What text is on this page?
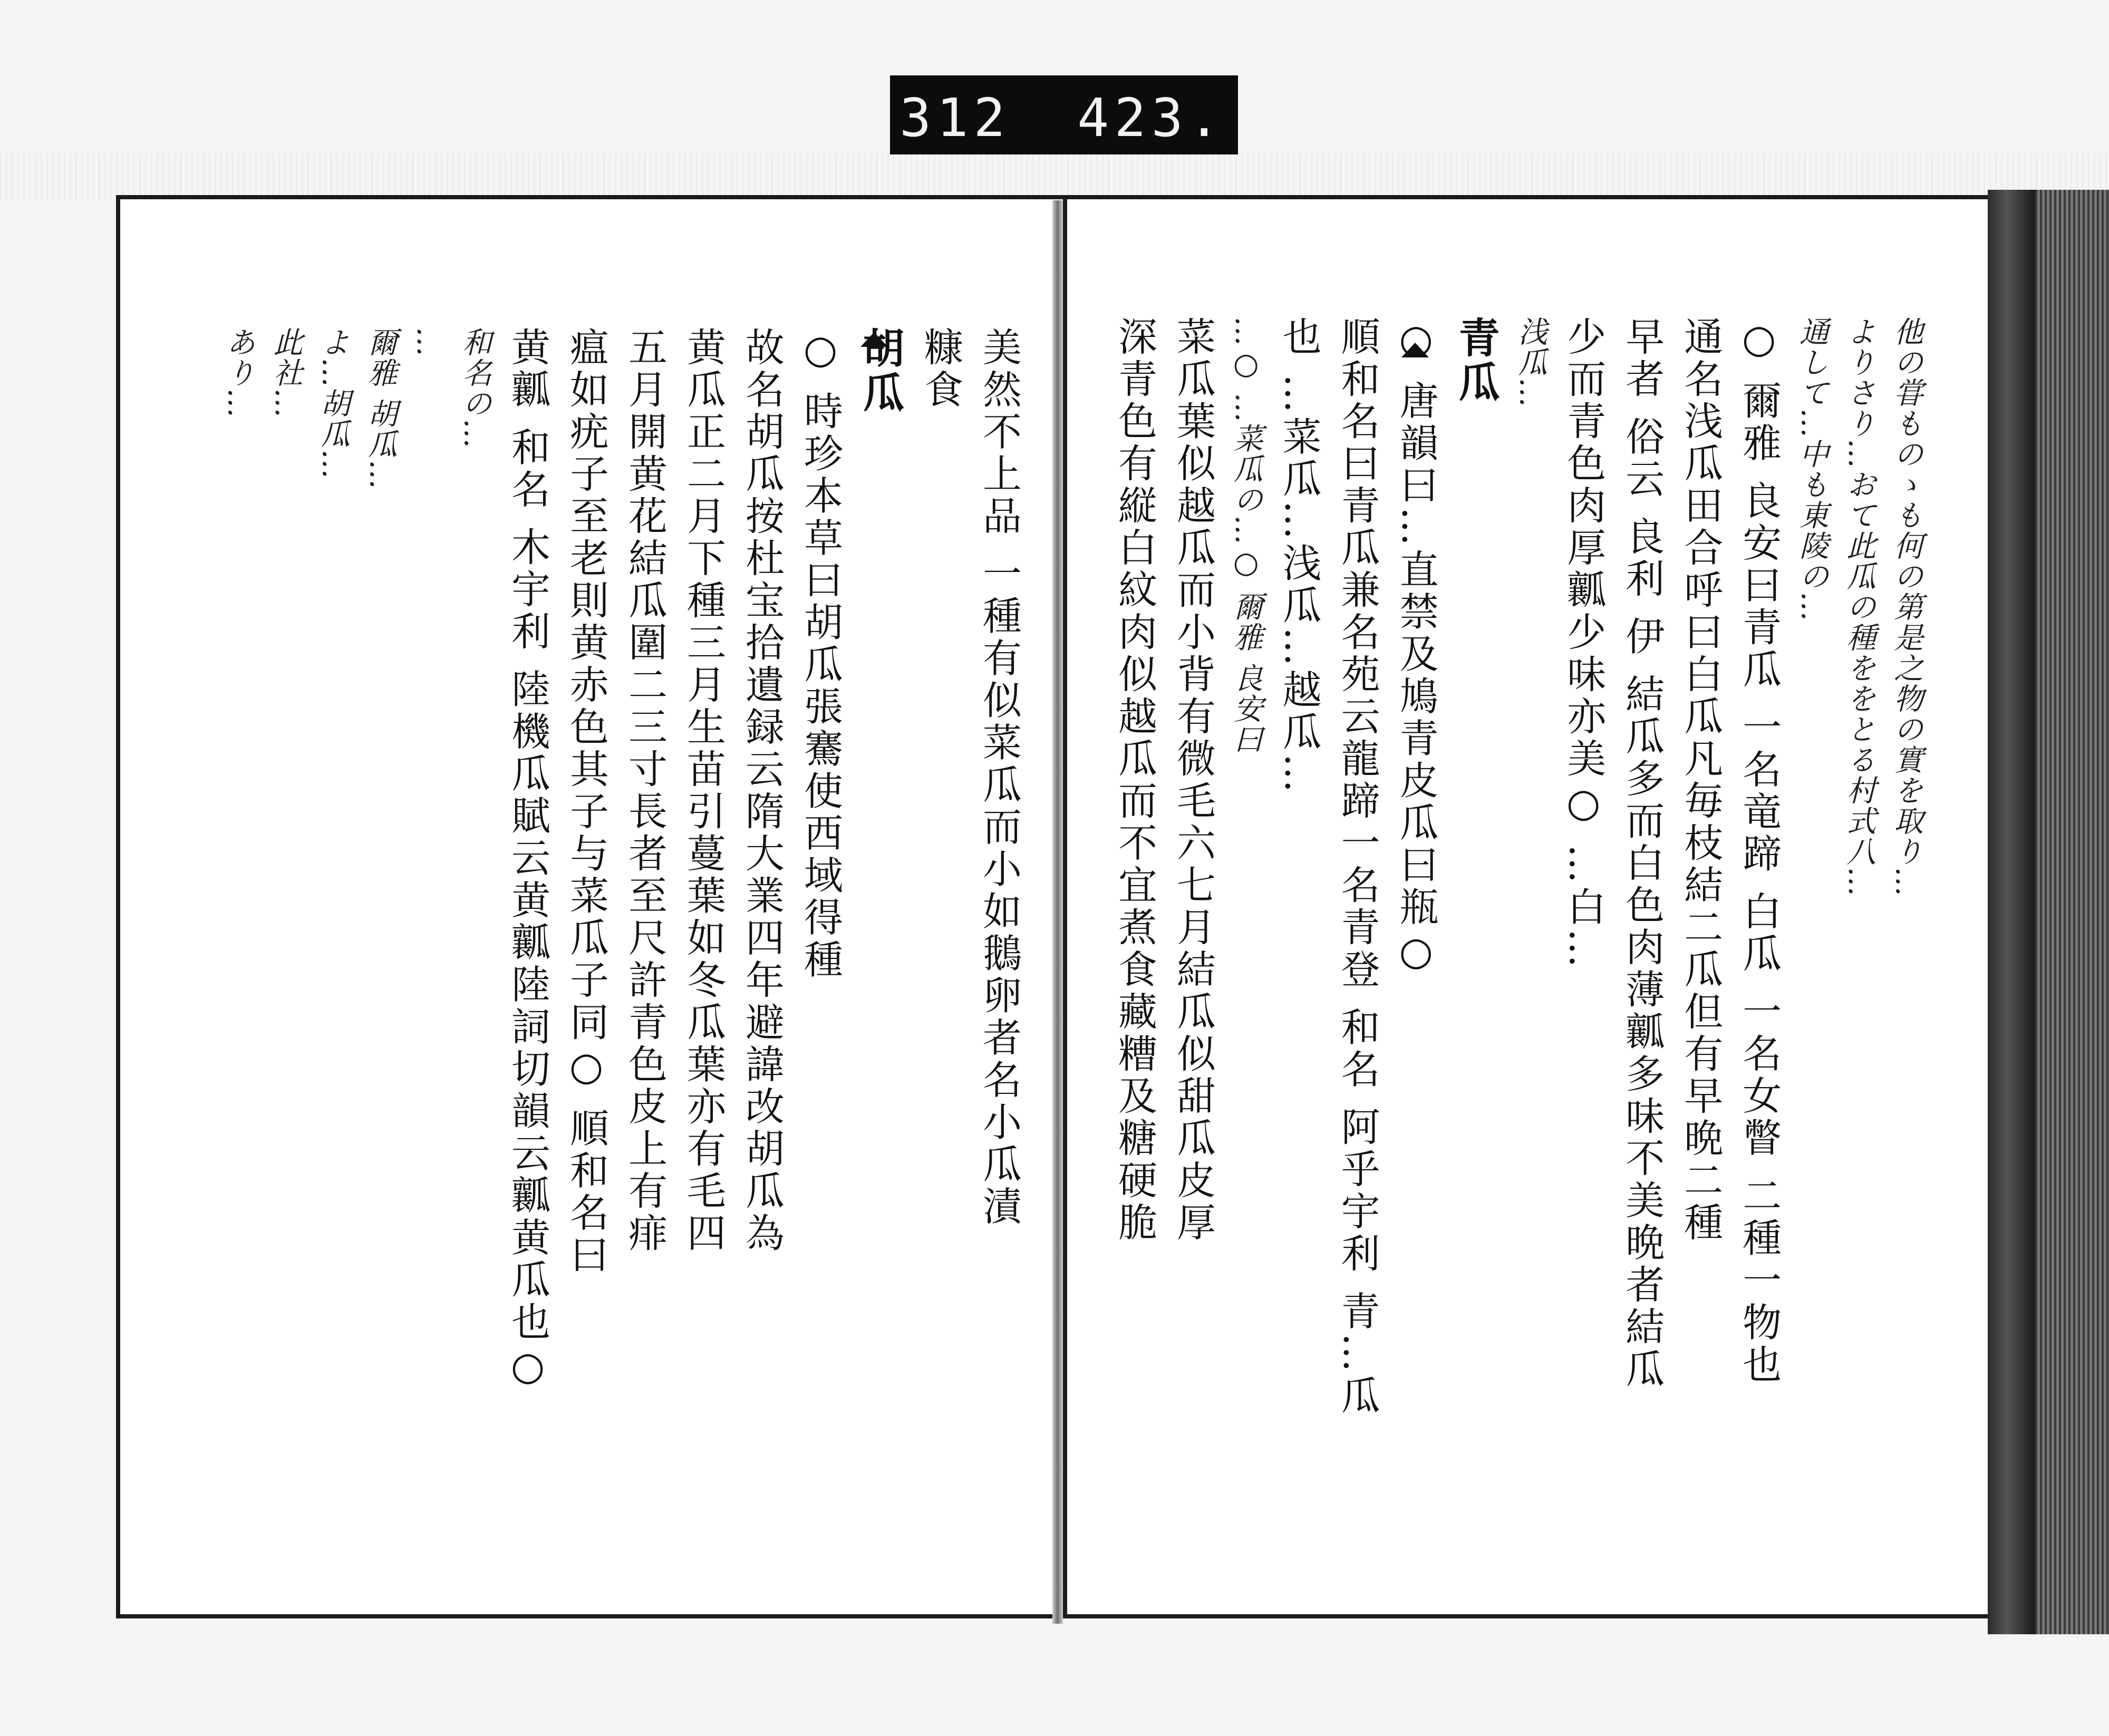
312 423.
他の甞ものゝも何の第是之物の實を取り…
よりさり…おて此瓜の種ををとる村式八…
通して…中も東陵の…
○ 爾雅 良安曰青瓜 一名竜蹄 白瓜 一名女瞥 二種一物也
通名浅瓜田合呼曰白瓜凡毎枝結二瓜但有早晩二種
早者 俗云 良利 伊 結瓜多而白色肉薄瓤多味不美晩者結瓜
少而青色肉厚瓤少味亦美○ …白…
浅瓜…
青瓜
○ 唐韻曰…直禁及鳩青皮瓜曰瓶○
順和名曰青瓜兼名苑云龍蹄一名青登 和名 阿乎宇利 青…瓜
也 …菜瓜…浅瓜…越瓜…
…○ …菜瓜の…○ 爾雅 良安曰
菜瓜葉似越瓜而小背有微毛六七月結瓜似甜瓜皮厚
深青色有縦白紋肉似越瓜而不宜煮食藏糟及糖硬脆
美然不上品 一種有似菜瓜而小如鵝卵者名小瓜漬
糠食
胡瓜
○ 時珍本草曰胡瓜張騫使西域得種
故名胡瓜按杜宝拾遺録云隋大業四年避諱改胡瓜為
黄瓜正二月下種三月生苗引蔓葉如冬瓜葉亦有毛四
五月開黄花結瓜圍二三寸長者至尺許青色皮上有痱
瘟如疣子至老則黄赤色其子与菜瓜子同○ 順和名曰
黄瓤 和名 木宇利 陸機瓜賦云黄瓤陸詞切韻云瓤黄瓜也○
和名の…
…
爾雅 胡瓜…
よ…胡瓜…
此社…
あり…
